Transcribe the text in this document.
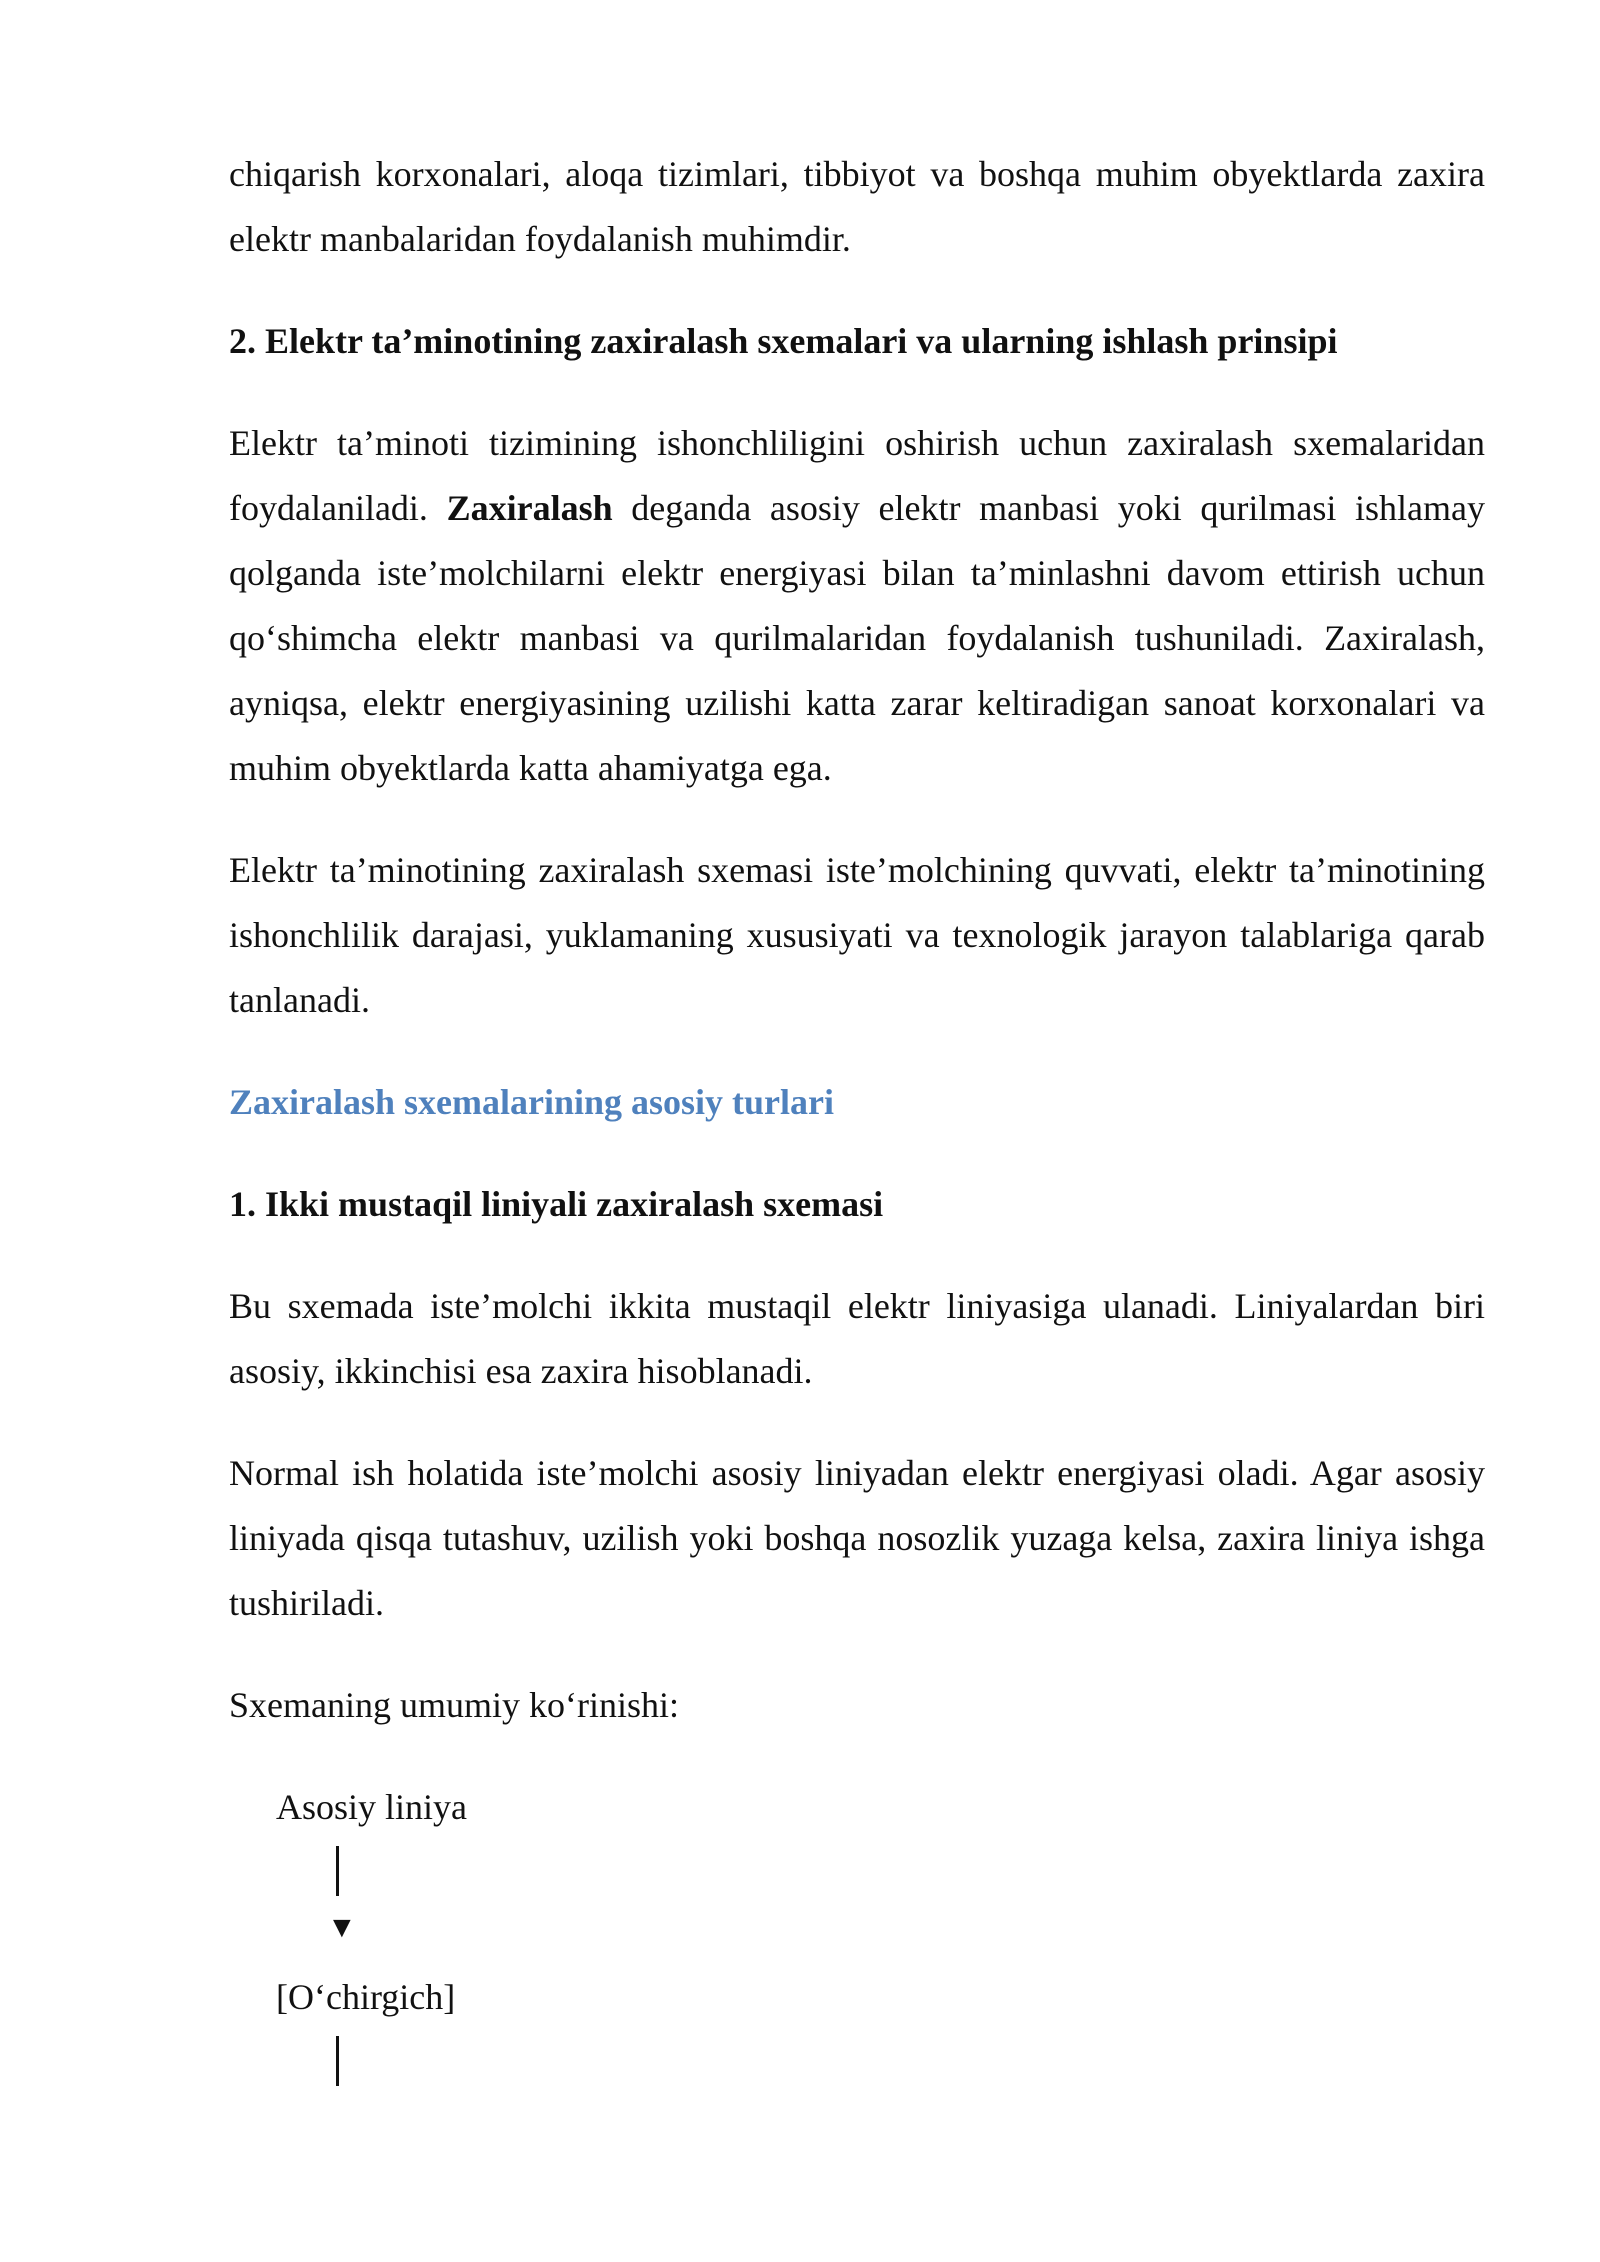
chiqarish korxonalari, aloqa tizimlari, tibbiyot va boshqa muhim obyektlarda zaxira elektr manbalaridan foydalanish muhimdir.

2. Elektr ta’minotining zaxiralash sxemalari va ularning ishlash prinsipi

Elektr ta’minoti tizimining ishonchliligini oshirish uchun zaxiralash sxemalaridan foydalaniladi. Zaxiralash deganda asosiy elektr manbasi yoki qurilmasi ishlamay qolganda iste’molchilarni elektr energiyasi bilan ta’minlashni davom ettirish uchun qo‘shimcha elektr manbasi va qurilmalaridan foydalanish tushuniladi. Zaxiralash, ayniqsa, elektr energiyasining uzilishi katta zarar keltiradigan sanoat korxonalari va muhim obyektlarda katta ahamiyatga ega.

Elektr ta’minotining zaxiralash sxemasi iste’molchining quvvati, elektr ta’minotining ishonchlilik darajasi, yuklamaning xususiyati va texnologik jarayon talablariga qarab tanlanadi.

Zaxiralash sxemalarining asosiy turlari
1. Ikki mustaqil liniyali zaxiralash sxemasi

Bu sxemada iste’molchi ikkita mustaqil elektr liniyasiga ulanadi. Liniyalardan biri asosiy, ikkinchisi esa zaxira hisoblanadi.

Normal ish holatida iste’molchi asosiy liniyadan elektr energiyasi oladi. Agar asosiy liniyada qisqa tutashuv, uzilish yoki boshqa nosozlik yuzaga kelsa, zaxira liniya ishga tushiriladi.

Sxemaning umumiy ko‘rinishi:

Asosiy liniya
▼
[O‘chirgich]
